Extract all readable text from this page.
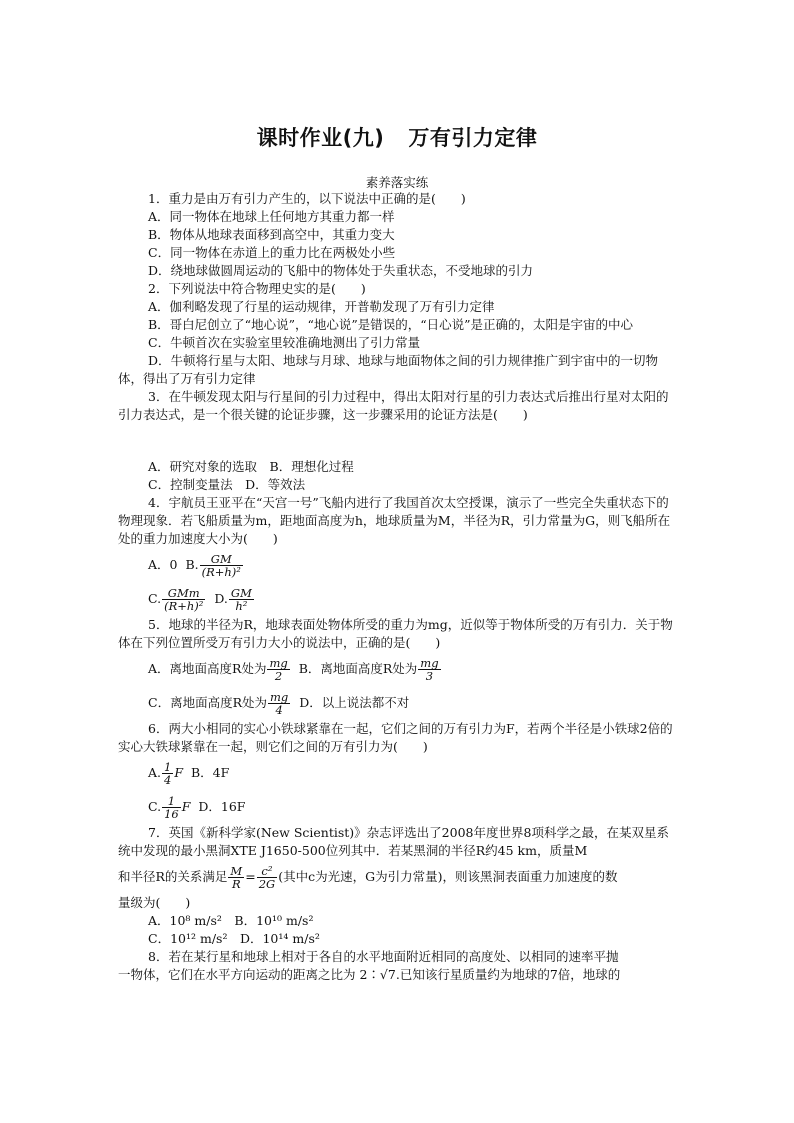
课时作业(九) 万有引力定律
素养落实练
1．重力是由万有引力产生的，以下说法中正确的是(　　)
A．同一物体在地球上任何地方其重力都一样
B．物体从地球表面移到高空中，其重力变大
C．同一物体在赤道上的重力比在两极处小些
D．绕地球做圆周运动的飞船中的物体处于失重状态，不受地球的引力
2．下列说法中符合物理史实的是(　　)
A．伽利略发现了行星的运动规律，开普勒发现了万有引力定律
B．哥白尼创立了“地心说”，“地心说”是错误的，“日心说”是正确的，太阳是宇宙的中心
C．牛顿首次在实验室里较准确地测出了引力常量
D．牛顿将行星与太阳、地球与月球、地球与地面物体之间的引力规律推广到宇宙中的一切物体，得出了万有引力定律
3．在牛顿发现太阳与行星间的引力过程中，得出太阳对行星的引力表达式后推出行星对太阳的引力表达式，是一个很关键的论证步骤，这一步骤采用的论证方法是(　　)
A．研究对象的选取　B．理想化过程
C．控制变量法　D．等效法
4．宇航员王亚平在“天宫一号”飞船内进行了我国首次太空授课，演示了一些完全失重状态下的物理现象．若飞船质量为m，距地面高度为h，地球质量为M，半径为R，引力常量为G，则飞船所在处的重力加速度大小为(　　)
A．0
B. $\frac{GM}{\text{(R+h)²}}$
C. $\frac{\text{GMm}}{\text{(R+h)²}}$
D. $\frac{GM}{\text{h²}}$
5．地球的半径为R，地球表面处物体所受的重力为mg，近似等于物体所受的万有引力．关于物体在下列位置所受万有引力大小的说法中，正确的是(　　)
A．离地面高度R处为 $\frac{mg}{2}$
B．离地面高度R处为 $\frac{mg}{3}$
C．离地面高度R处为 $\frac{mg}{4}$
D．以上说法都不对
6．两大小相同的实心小铁球紧靠在一起，它们之间的万有引力为F，若两个半径是小铁球2倍的实心大铁球紧靠在一起，则它们之间的万有引力为(　　)
A. $\frac{1}{4}$ F
B．4F
C. $\frac{1}{16}$ F
D．16F
7．英国《新科学家(New Scientist)》杂志评选出了2008年度世界8项科学之最，在某双星系统中发现的最小黑洞XTE J1650-500位列其中．若某黑洞的半径R约45 km，质量M
和半径R的关系满足 $\frac{M}{R} = \frac{\text{c²}}{2G}$ (其中c为光速，G为引力常量)，则该黑洞表面重力加速度的数
量级为(　　)
A．10⁸ m/s²　B．10¹⁰ m/s²
C．10¹² m/s²　D．10¹⁴ m/s²
8．若在某行星和地球上相对于各自的水平地面附近相同的高度处、以相同的速率平抛
一物体，它们在水平方向运动的距离之比为 2∶√7.已知该行星质量约为地球的7倍，地球的
